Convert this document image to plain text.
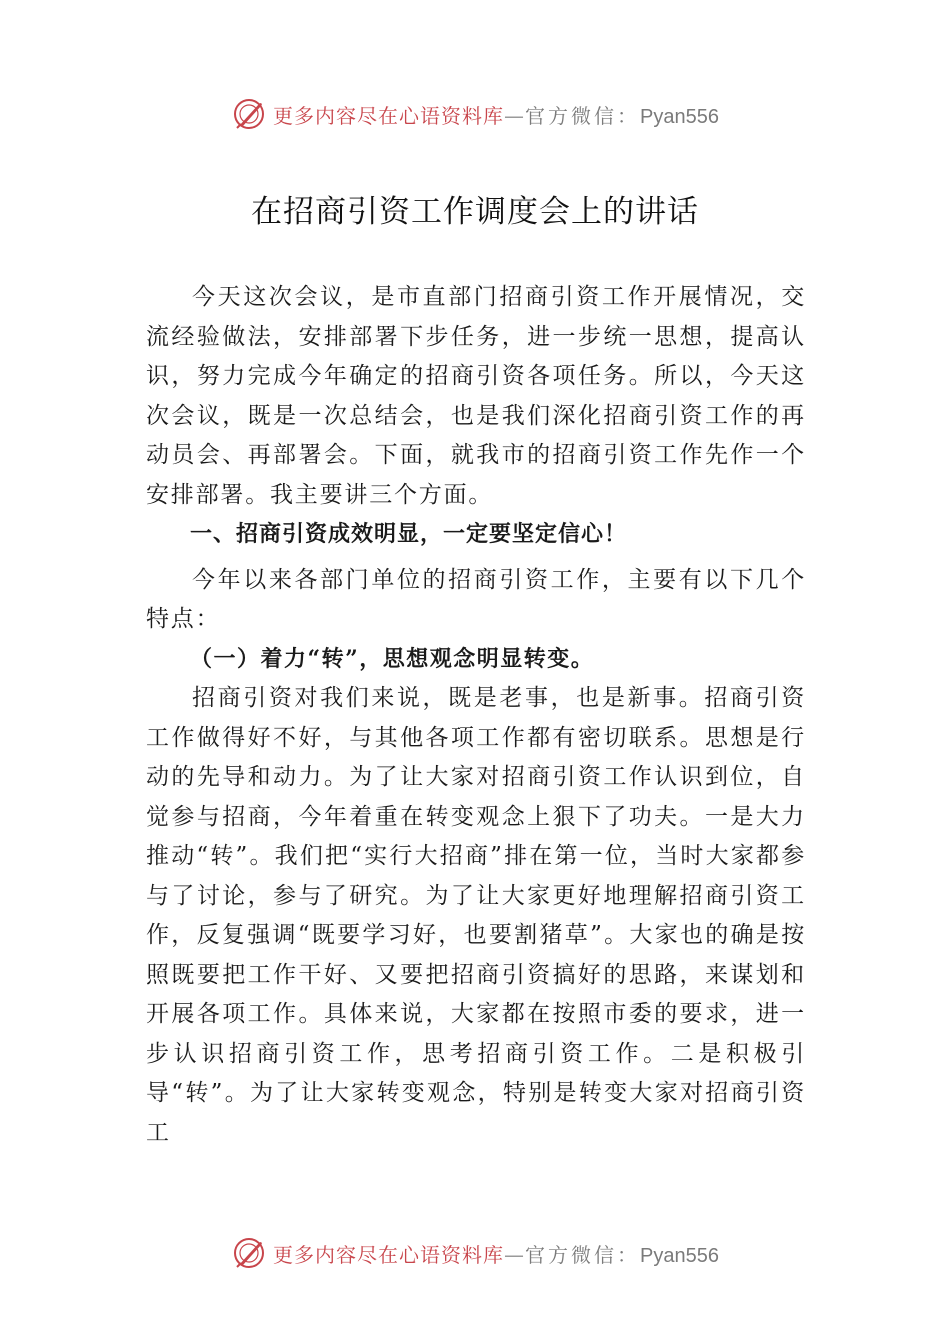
更多内容尽在心语资料库—官方微信：Pyan556
在招商引资工作调度会上的讲话

今天这次会议，是市直部门招商引资工作开展情况，交流经验做法，安排部署下步任务，进一步统一思想，提高认识，努力完成今年确定的招商引资各项任务。所以，今天这次会议，既是一次总结会，也是我们深化招商引资工作的再动员会、再部署会。下面，就我市的招商引资工作先作一个安排部署。我主要讲三个方面。

一、招商引资成效明显，一定要坚定信心！

今年以来各部门单位的招商引资工作，主要有以下几个特点：

（一）着力“转”，思想观念明显转变。

招商引资对我们来说，既是老事，也是新事。招商引资工作做得好不好，与其他各项工作都有密切联系。思想是行动的先导和动力。为了让大家对招商引资工作认识到位，自觉参与招商，今年着重在转变观念上狠下了功夫。一是大力推动“转”。我们把“实行大招商”排在第一位，当时大家都参与了讨论，参与了研究。为了让大家更好地理解招商引资工作，反复强调“既要学习好，也要割猪草”。大家也的确是按照既要把工作干好、又要把招商引资搞好的思路，来谋划和开展各项工作。具体来说，大家都在按照市委的要求，进一步认识招商引资工作，思考招商引资工作。二是积极引导“转”。为了让大家转变观念，特别是转变大家对招商引资工

更多内容尽在心语资料库—官方微信：Pyan556
